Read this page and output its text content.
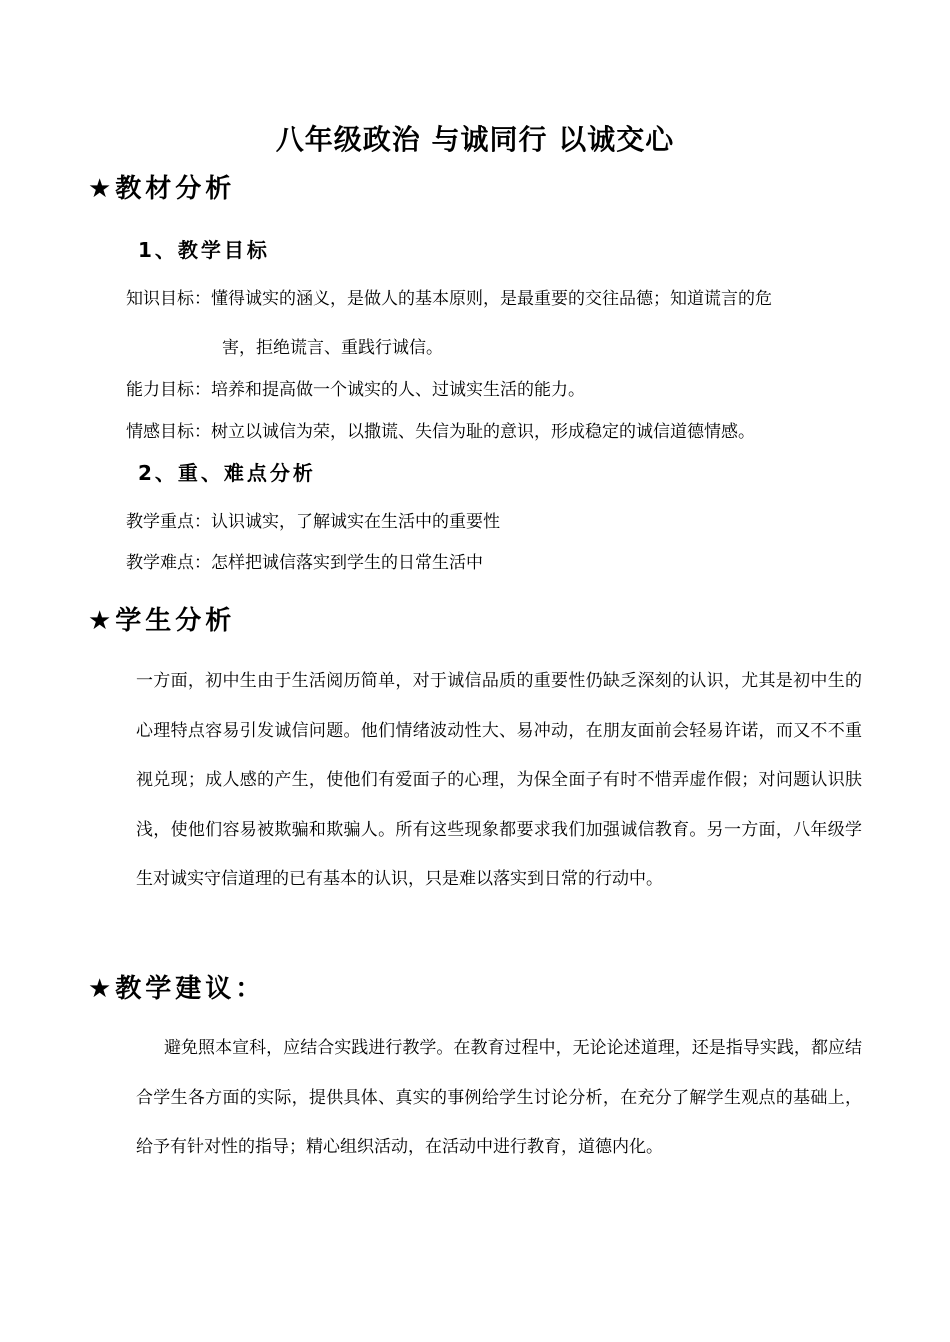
八年级政治 与诚同行 以诚交心
★教材分析
1、教学目标
知识目标：懂得诚实的涵义，是做人的基本原则，是最重要的交往品德；知道谎言的危
害，拒绝谎言、重践行诚信。
能力目标：培养和提高做一个诚实的人、过诚实生活的能力。
情感目标：树立以诚信为荣，以撒谎、失信为耻的意识，形成稳定的诚信道德情感。
2、重、难点分析
教学重点：认识诚实，了解诚实在生活中的重要性
教学难点：怎样把诚信落实到学生的日常生活中
★学生分析
一方面，初中生由于生活阅历简单，对于诚信品质的重要性仍缺乏深刻的认识，尤其是初中生的心理特点容易引发诚信问题。他们情绪波动性大、易冲动，在朋友面前会轻易许诺，而又不不重视兑现；成人感的产生，使他们有爱面子的心理，为保全面子有时不惜弄虚作假；对问题认识肤浅，使他们容易被欺骗和欺骗人。所有这些现象都要求我们加强诚信教育。另一方面，八年级学生对诚实守信道理的已有基本的认识，只是难以落实到日常的行动中。
★教学建议：
避免照本宣科，应结合实践进行教学。在教育过程中，无论论述道理，还是指导实践，都应结合学生各方面的实际，提供具体、真实的事例给学生讨论分析，在充分了解学生观点的基础上，给予有针对性的指导；精心组织活动，在活动中进行教育，道德内化。
